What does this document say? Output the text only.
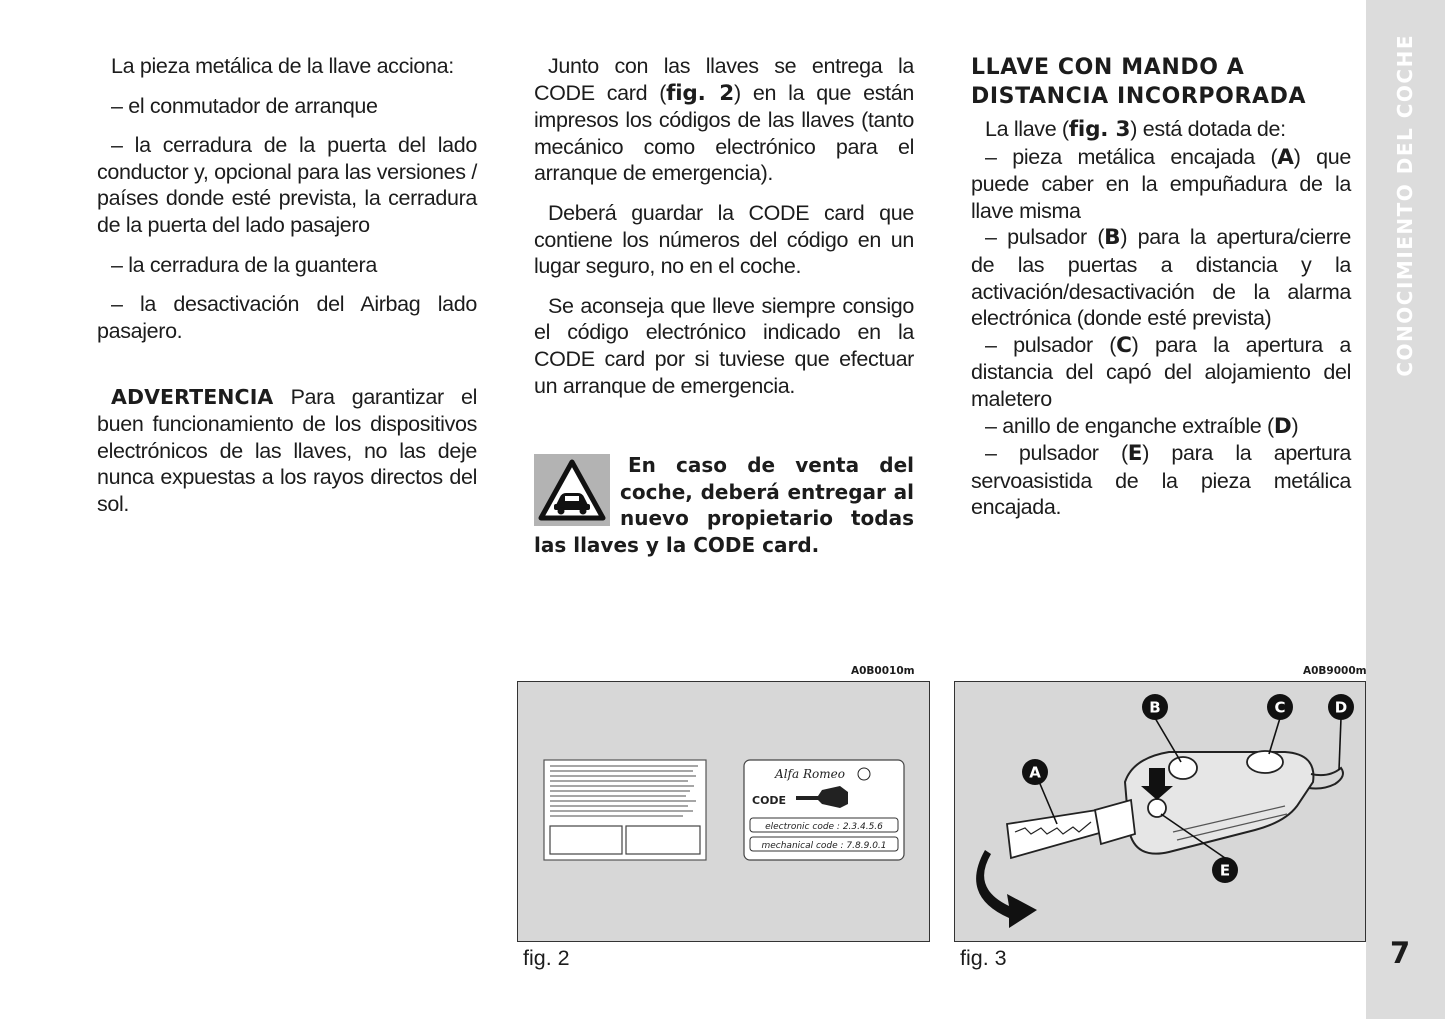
La pieza metálica de la llave acciona:

– el conmutador de arranque

– la cerradura de la puerta del lado conductor y, opcional para las versiones / países donde esté prevista, la cerradura de la puerta del lado pasajero

– la cerradura de la guantera

– la desactivación del Airbag lado pasajero.

ADVERTENCIA Para garantizar el buen funcionamiento de los dispositivos electrónicos de las llaves, no las deje nunca expuestas a los rayos directos del sol.

Junto con las llaves se entrega la CODE card (fig. 2) en la que están impresos los códigos de las llaves (tanto mecánico como electrónico para el arranque de emergencia).

Deberá guardar la CODE card que contiene los números del código en un lugar seguro, no en el coche.

Se aconseja que lleve siempre consigo el código electrónico indicado en la CODE card por si tuviese que efectuar un arranque de emergencia.

En caso de venta del coche, deberá entregar al nuevo propietario todas las llaves y la CODE card.
LLAVE CON MANDO A
DISTANCIA INCORPORADA

La llave (fig. 3) está dotada de:

– pieza metálica encajada (A) que puede caber en la empuñadura de la llave misma

– pulsador (B) para la apertura/cierre de las puertas a distancia y la activación/desactivación de la alarma electrónica (donde esté prevista)

– pulsador (C) para la apertura a distancia del capó del alojamiento del maletero

– anillo de enganche extraíble (D)

– pulsador (E) para la apertura servoasistida de la pieza metálica encajada.

CONOCIMIENTO DEL COCHE
7
A0B0010m
Alfa Romeo
CODE
electronic code : 2.3.4.5.6
mechanical code : 7.8.9.0.1
fig. 2
A0B9000m
A
B	C	D
E
fig. 3
